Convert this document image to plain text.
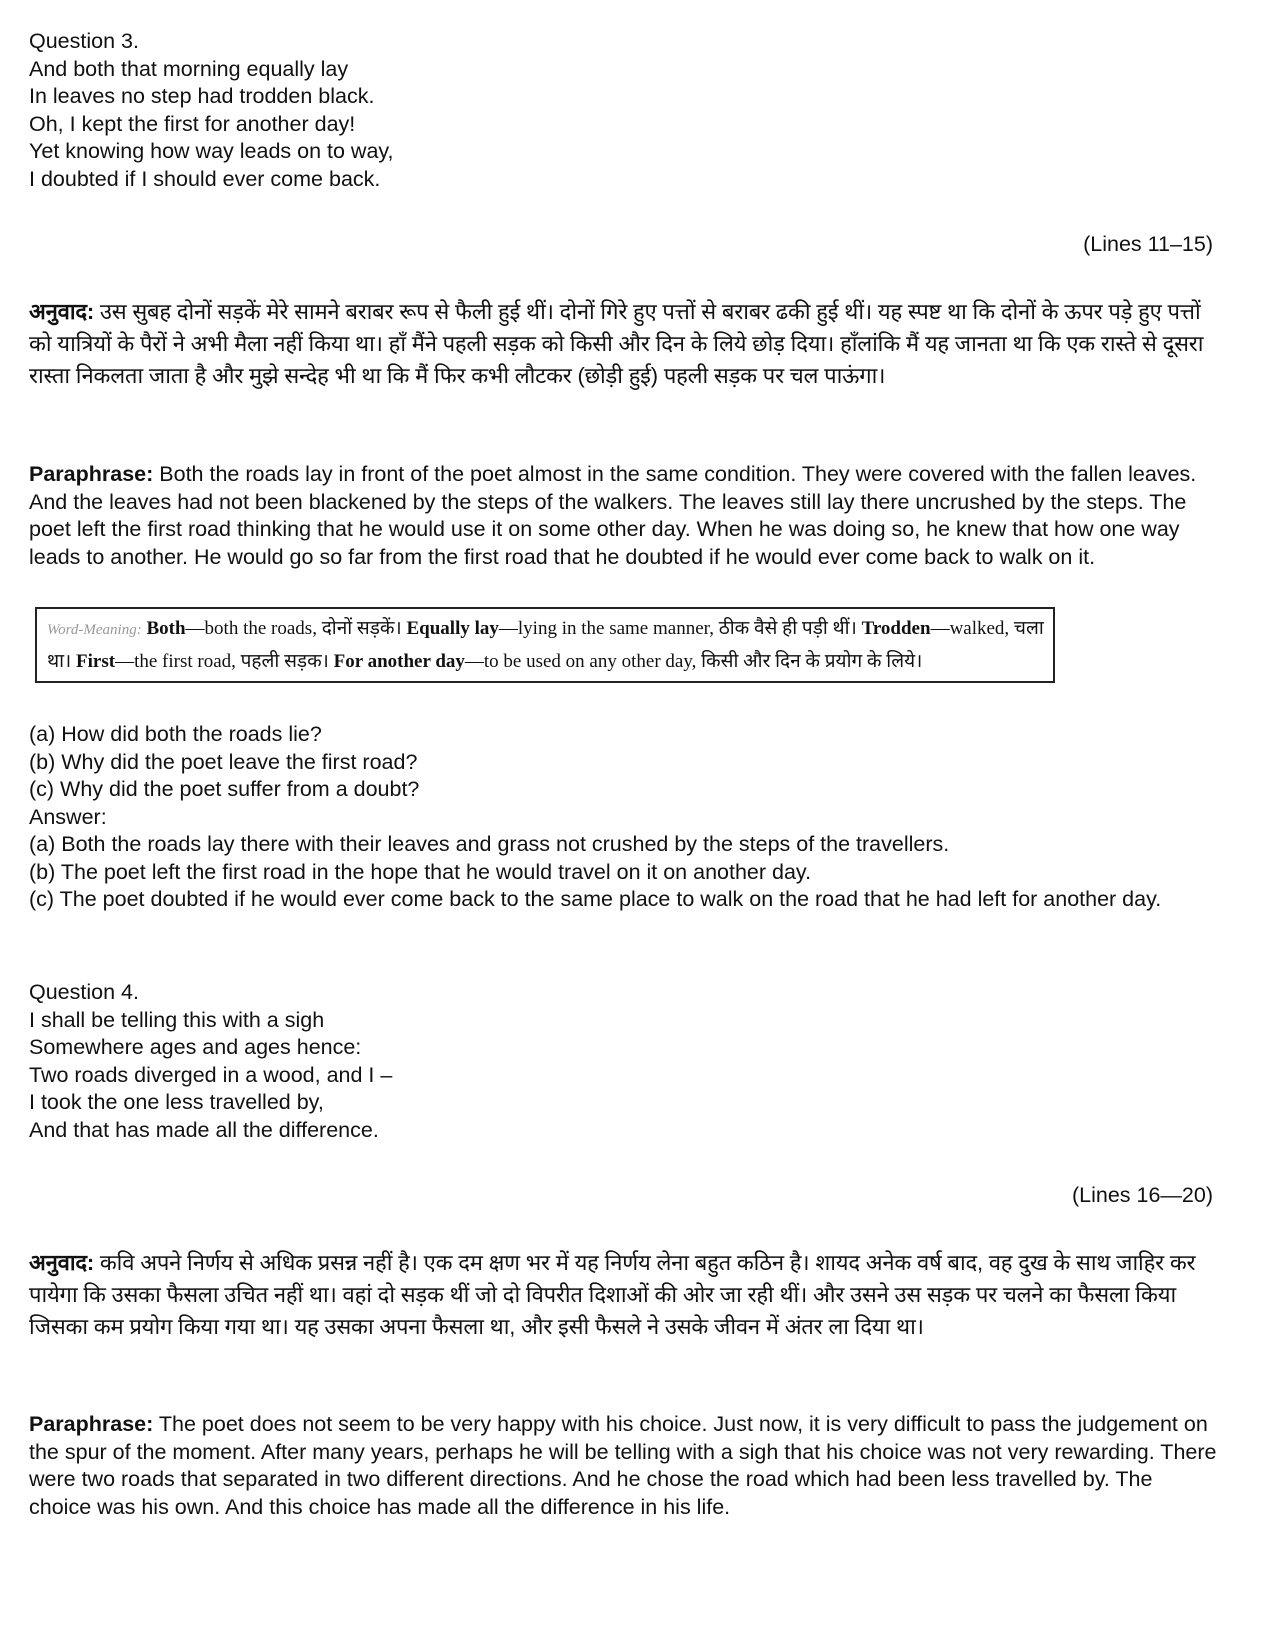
Question 3.
And both that morning equally lay
In leaves no step had trodden black.
Oh, I kept the first for another day!
Yet knowing how way leads on to way,
I doubted if I should ever come back.
(Lines 11–15)
अनुवाद: उस सुबह दोनों सड़कें मेरे सामने बराबर रूप से फैली हुई थीं। दोनों गिरे हुए पत्तों से बराबर ढकी हुई थीं। यह स्पष्ट था कि दोनों के ऊपर पड़े हुए पत्तों को यात्रियों के पैरों ने अभी मैला नहीं किया था। हाँ मैंने पहली सड़क को किसी और दिन के लिये छोड़ दिया। हाँलांकि मैं यह जानता था कि एक रास्ते से दूसरा रास्ता निकलता जाता है और मुझे सन्देह भी था कि मैं फिर कभी लौटकर (छोड़ी हुई) पहली सड़क पर चल पाऊंगा।
Paraphrase: Both the roads lay in front of the poet almost in the same condition. They were covered with the fallen leaves. And the leaves had not been blackened by the steps of the walkers. The leaves still lay there uncrushed by the steps. The poet left the first road thinking that he would use it on some other day. When he was doing so, he knew that how one way leads to another. He would go so far from the first road that he doubted if he would ever come back to walk on it.
Word-Meaning: Both—both the roads, दोनों सड़कें। Equally lay—lying in the same manner, ठीक वैसे ही पड़ी थीं। Trodden—walked, चला था। First—the first road, पहली सड़क। For another day—to be used on any other day, किसी और दिन के प्रयोग के लिये।
(a) How did both the roads lie?
(b) Why did the poet leave the first road?
(c) Why did the poet suffer from a doubt?
Answer:
(a) Both the roads lay there with their leaves and grass not crushed by the steps of the travellers.
(b) The poet left the first road in the hope that he would travel on it on another day.
(c) The poet doubted if he would ever come back to the same place to walk on the road that he had left for another day.
Question 4.
I shall be telling this with a sigh
Somewhere ages and ages hence:
Two roads diverged in a wood, and I –
I took the one less travelled by,
And that has made all the difference.
(Lines 16—20)
अनुवाद: कवि अपने निर्णय से अधिक प्रसन्न नहीं है। एक दम क्षण भर में यह निर्णय लेना बहुत कठिन है। शायद अनेक वर्ष बाद, वह दुख के साथ जाहिर कर पायेगा कि उसका फैसला उचित नहीं था। वहां दो सड़क थीं जो दो विपरीत दिशाओं की ओर जा रही थीं। और उसने उस सड़क पर चलने का फैसला किया जिसका कम प्रयोग किया गया था। यह उसका अपना फैसला था, और इसी फैसले ने उसके जीवन में अंतर ला दिया था।
Paraphrase: The poet does not seem to be very happy with his choice. Just now, it is very difficult to pass the judgement on the spur of the moment. After many years, perhaps he will be telling with a sigh that his choice was not very rewarding. There were two roads that separated in two different directions. And he chose the road which had been less travelled by. The choice was his own. And this choice has made all the difference in his life.
